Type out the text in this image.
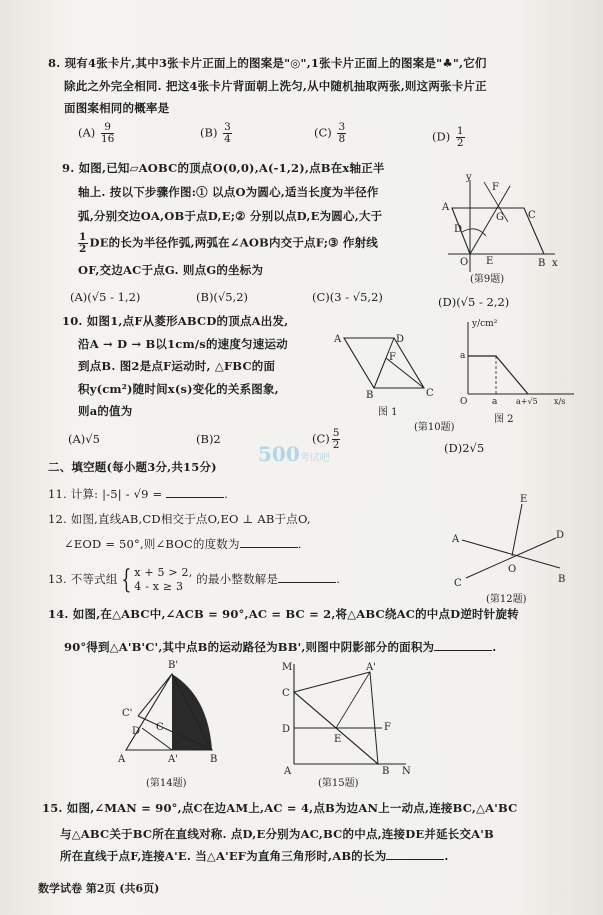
8. 现有4张卡片,其中3张卡片正面上的图案是"◎",1张卡片正面上的图案是"♣",它们
除此之外完全相同. 把这4张卡片背面朝上洗匀,从中随机抽取两张,则这两张卡片正
面图案相同的概率是
$(A) \frac{9}{16}$	$(B) \frac{3}{4}$	$(C) \frac{3}{8}$	$(D) \frac{1}{2}$
9. 如图,已知▱AOBC的顶点O(0,0),A(-1,2),点B在x轴正半
轴上. 按以下步骤作图:① 以点O为圆心,适当长度为半径作
弧,分别交边OA,OB于点D,E;② 分别以点D,E为圆心,大于
$\frac{1}{2}$ DE的长为半径作弧,两弧在∠AOB内交于点F;③ 作射线
OF,交边AC于点G. 则点G的坐标为
(A)(√5 - 1,2)	(B)(√5,2)	(C)(3 - √5,2)	(D)(√5 - 2,2)
y
x
A
F
G C
D
O E	B
(第9题)
10. 如图1,点F从菱形ABCD的顶点A出发,
沿A → D → B以1cm/s的速度匀速运动
到点B. 图2是点F运动时, △FBC的面
积y(cm²)随时间x(s)变化的关系图象,
则a的值为
(A)√5	(B)2	$(C) \frac{5}{2}$	(D)2√5
A	D
F
B	C
图 1
y/cm²
a
O	a a+√5 x/s
图 2
(第10题)
500考试吧
二、填空题(每小题3分,共15分)
11. 计算: |-5| - √9 =	.
12. 如图,直线AB,CD相交于点O,EO ⊥ AB于点O,
∠EOD = 50°,则∠BOC的度数为	.
E
A	D
C
O
B
(第12题)
13. 不等式组 { x + 5 > 2,
4 - x ≥ 3 的最小整数解是	.
14. 如图,在△ABC中,∠ACB = 90°,AC = BC = 2,将△ABC绕AC的中点D逆时针旋转
90°得到△A'B'C',其中点B的运动路径为BB',则图中阴影部分的面积为	.
B'
C'
D C
A	A'	B
(第14题)
M	A'
C
D	F
E
A	B N
(第15题)
15. 如图,∠MAN = 90°,点C在边AM上,AC = 4,点B为边AN上一动点,连接BC,△A'BC
与△ABC关于BC所在直线对称. 点D,E分别为AC,BC的中点,连接DE并延长交A'B
所在直线于点F,连接A'E. 当△A'EF为直角三角形时,AB的长为	.
数学试卷 第2页 (共6页)
